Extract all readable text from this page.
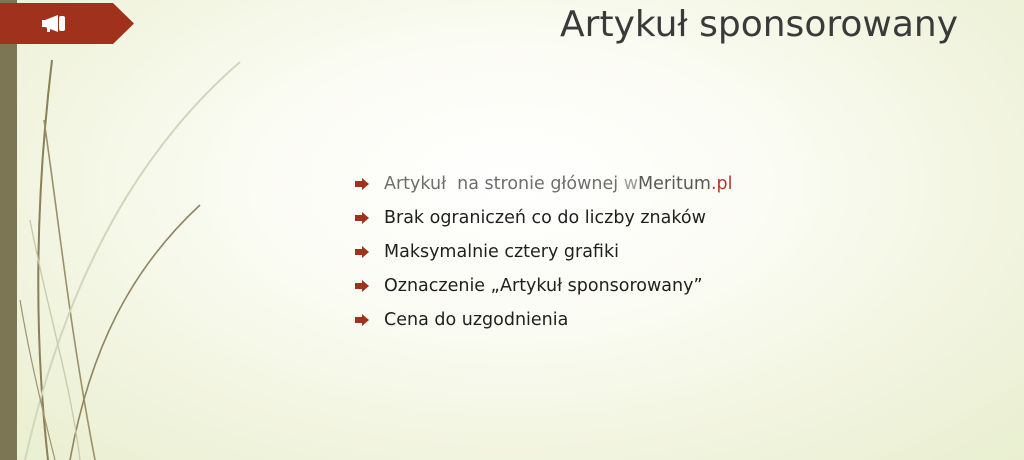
Artykuł sponsorowany
Artykuł  na stronie głównej wMeritum.pl
Brak ograniczeń co do liczby znaków
Maksymalnie cztery grafiki
Oznaczenie „Artykuł sponsorowany”
Cena do uzgodnienia
